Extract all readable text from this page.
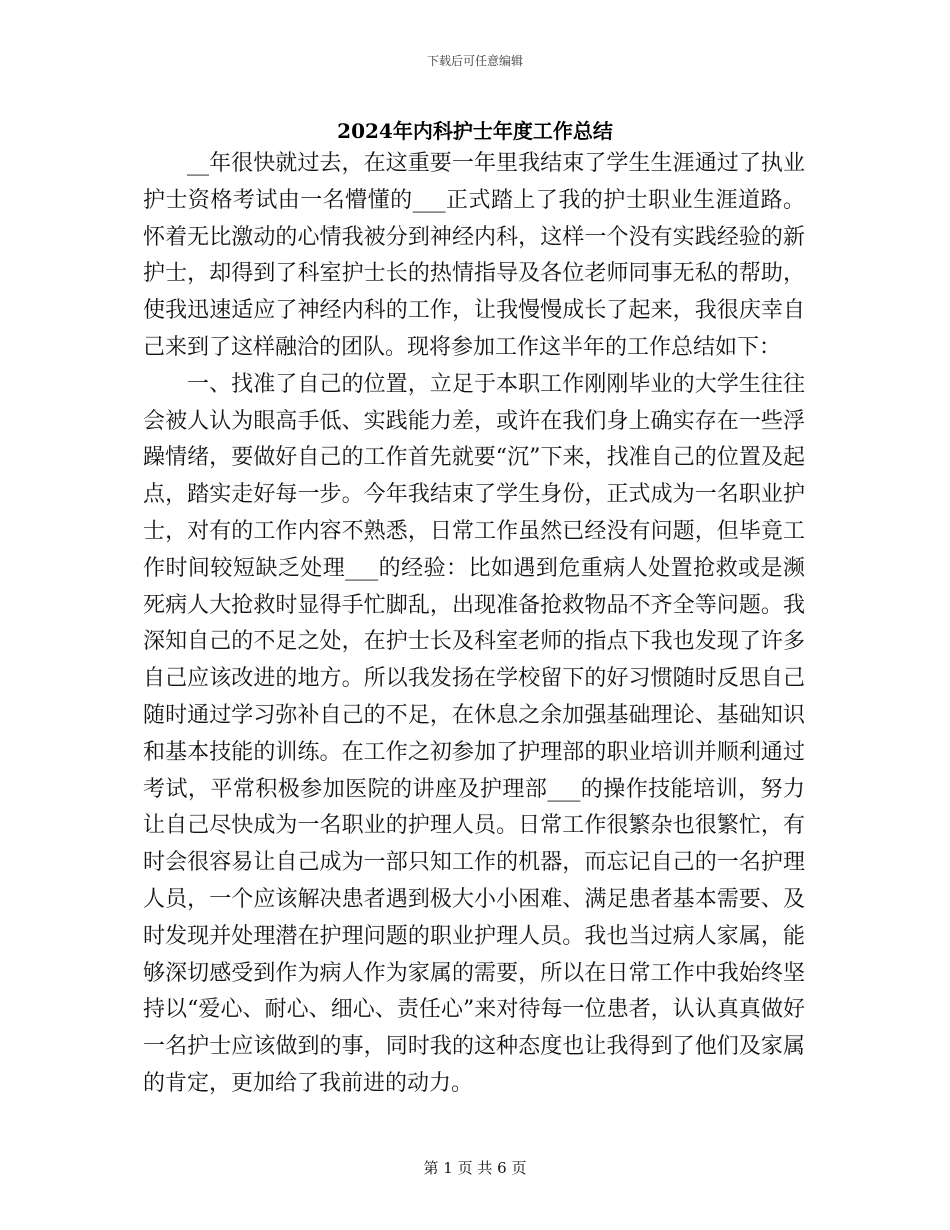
下载后可任意编辑
2024年内科护士年度工作总结

__年很快就过去，在这重要一年里我结束了学生生涯通过了执业护士资格考试由一名懵懂的___正式踏上了我的护士职业生涯道路。怀着无比激动的心情我被分到神经内科，这样一个没有实践经验的新护士，却得到了科室护士长的热情指导及各位老师同事无私的帮助，使我迅速适应了神经内科的工作，让我慢慢成长了起来，我很庆幸自己来到了这样融洽的团队。现将参加工作这半年的工作总结如下：

一、找准了自己的位置，立足于本职工作刚刚毕业的大学生往往会被人认为眼高手低、实践能力差，或许在我们身上确实存在一些浮躁情绪，要做好自己的工作首先就要“沉”下来，找准自己的位置及起点，踏实走好每一步。今年我结束了学生身份，正式成为一名职业护士，对有的工作内容不熟悉，日常工作虽然已经没有问题，但毕竟工作时间较短缺乏处理___的经验：比如遇到危重病人处置抢救或是濒死病人大抢救时显得手忙脚乱，出现准备抢救物品不齐全等问题。我深知自己的不足之处，在护士长及科室老师的指点下我也发现了许多自己应该改进的地方。所以我发扬在学校留下的好习惯随时反思自己随时通过学习弥补自己的不足，在休息之余加强基础理论、基础知识和基本技能的训练。在工作之初参加了护理部的职业培训并顺利通过考试，平常积极参加医院的讲座及护理部___的操作技能培训，努力让自己尽快成为一名职业的护理人员。日常工作很繁杂也很繁忙，有时会很容易让自己成为一部只知工作的机器，而忘记自己的一名护理人员，一个应该解决患者遇到极大小小困难、满足患者基本需要、及时发现并处理潜在护理问题的职业护理人员。我也当过病人家属，能够深切感受到作为病人作为家属的需要，所以在日常工作中我始终坚持以“爱心、耐心、细心、责任心”来对待每一位患者，认认真真做好一名护士应该做到的事，同时我的这种态度也让我得到了他们及家属的肯定，更加给了我前进的动力。

第 1 页 共 6 页
